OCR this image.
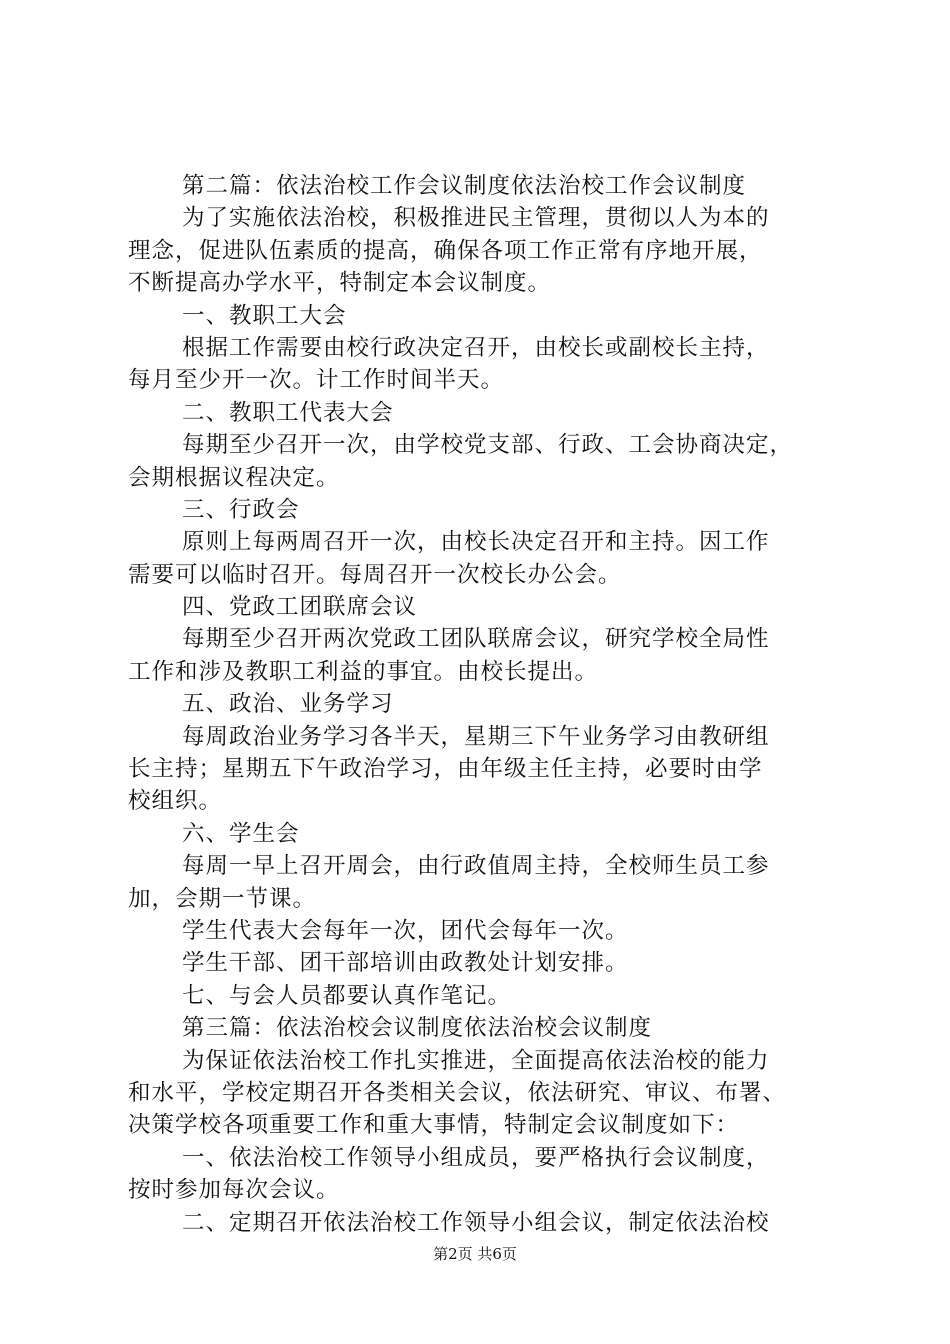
第二篇：依法治校工作会议制度依法治校工作会议制度
为了实施依法治校，积极推进民主管理，贯彻以人为本的
理念，促进队伍素质的提高，确保各项工作正常有序地开展，
不断提高办学水平，特制定本会议制度。
一、教职工大会
根据工作需要由校行政决定召开，由校长或副校长主持，
每月至少开一次。计工作时间半天。
二、教职工代表大会
每期至少召开一次，由学校党支部、行政、工会协商决定，
会期根据议程决定。
三、行政会
原则上每两周召开一次，由校长决定召开和主持。因工作
需要可以临时召开。每周召开一次校长办公会。
四、党政工团联席会议
每期至少召开两次党政工团队联席会议，研究学校全局性
工作和涉及教职工利益的事宜。由校长提出。
五、政治、业务学习
每周政治业务学习各半天，星期三下午业务学习由教研组
长主持；星期五下午政治学习，由年级主任主持，必要时由学
校组织。
六、学生会
每周一早上召开周会，由行政值周主持，全校师生员工参
加，会期一节课。
学生代表大会每年一次，团代会每年一次。
学生干部、团干部培训由政教处计划安排。
七、与会人员都要认真作笔记。
第三篇：依法治校会议制度依法治校会议制度
为保证依法治校工作扎实推进，全面提高依法治校的能力
和水平，学校定期召开各类相关会议，依法研究、审议、布署、
决策学校各项重要工作和重大事情，特制定会议制度如下：
一、依法治校工作领导小组成员，要严格执行会议制度，
按时参加每次会议。
二、定期召开依法治校工作领导小组会议，制定依法治校
第2页 共6页
